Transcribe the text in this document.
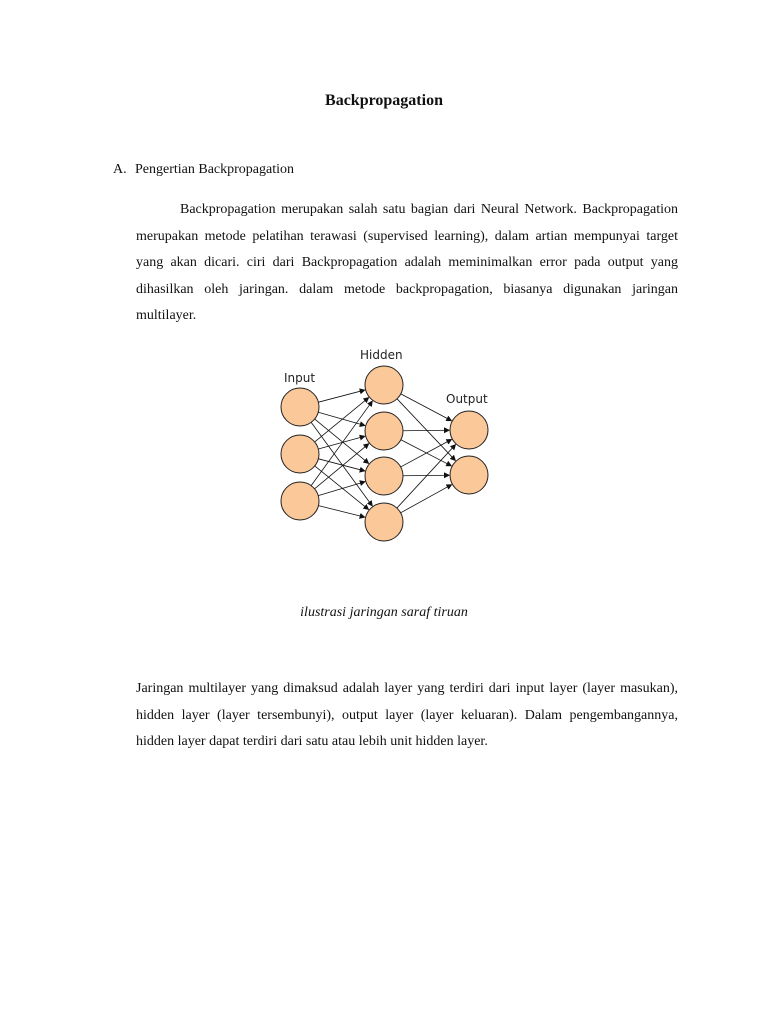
Backpropagation
A. Pengertian Backpropagation

Backpropagation merupakan salah satu bagian dari Neural Network. Backpropagation merupakan metode pelatihan terawasi (supervised learning), dalam artian mempunyai target yang akan dicari. ciri dari Backpropagation adalah meminimalkan error pada output yang dihasilkan oleh jaringan. dalam metode backpropagation, biasanya digunakan jaringan multilayer.

Input
Hidden
Output
ilustrasi jaringan saraf tiruan

Jaringan multilayer yang dimaksud adalah layer yang terdiri dari input layer (layer masukan), hidden layer (layer tersembunyi), output layer (layer keluaran). Dalam pengembangannya, hidden layer dapat terdiri dari satu atau lebih unit hidden layer.
